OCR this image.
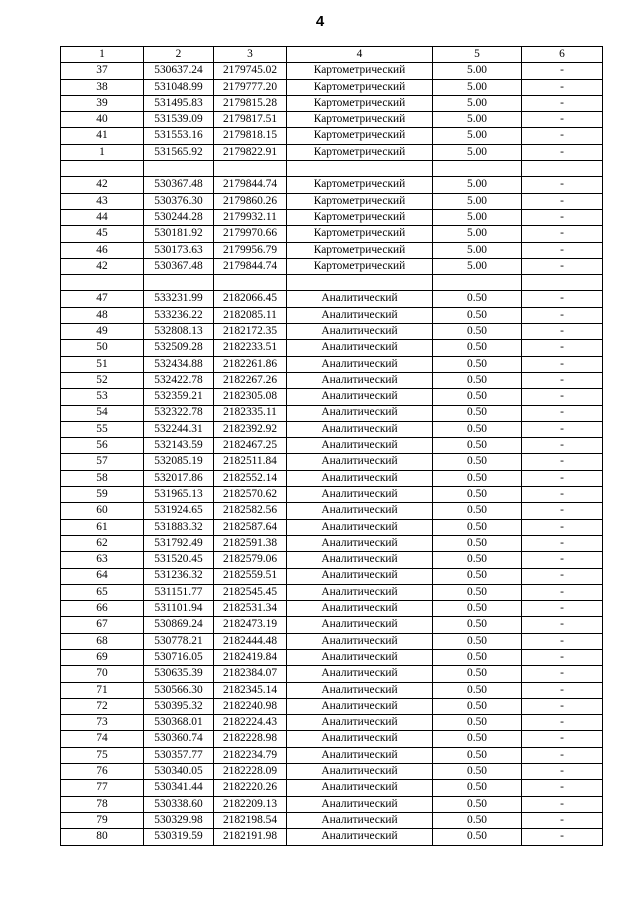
4
1	2	3	4	5	6
37	530637.24	2179745.02	Картометрический	5.00	-
38	531048.99	2179777.20	Картометрический	5.00	-
39	531495.83	2179815.28	Картометрический	5.00	-
40	531539.09	2179817.51	Картометрический	5.00	-
41	531553.16	2179818.15	Картометрический	5.00	-
1	531565.92	2179822.91	Картометрический	5.00	-

42	530367.48	2179844.74	Картометрический	5.00	-
43	530376.30	2179860.26	Картометрический	5.00	-
44	530244.28	2179932.11	Картометрический	5.00	-
45	530181.92	2179970.66	Картометрический	5.00	-
46	530173.63	2179956.79	Картометрический	5.00	-
42	530367.48	2179844.74	Картометрический	5.00	-

47	533231.99	2182066.45	Аналитический	0.50	-
48	533236.22	2182085.11	Аналитический	0.50	-
49	532808.13	2182172.35	Аналитический	0.50	-
50	532509.28	2182233.51	Аналитический	0.50	-
51	532434.88	2182261.86	Аналитический	0.50	-
52	532422.78	2182267.26	Аналитический	0.50	-
53	532359.21	2182305.08	Аналитический	0.50	-
54	532322.78	2182335.11	Аналитический	0.50	-
55	532244.31	2182392.92	Аналитический	0.50	-
56	532143.59	2182467.25	Аналитический	0.50	-
57	532085.19	2182511.84	Аналитический	0.50	-
58	532017.86	2182552.14	Аналитический	0.50	-
59	531965.13	2182570.62	Аналитический	0.50	-
60	531924.65	2182582.56	Аналитический	0.50	-
61	531883.32	2182587.64	Аналитический	0.50	-
62	531792.49	2182591.38	Аналитический	0.50	-
63	531520.45	2182579.06	Аналитический	0.50	-
64	531236.32	2182559.51	Аналитический	0.50	-
65	531151.77	2182545.45	Аналитический	0.50	-
66	531101.94	2182531.34	Аналитический	0.50	-
67	530869.24	2182473.19	Аналитический	0.50	-
68	530778.21	2182444.48	Аналитический	0.50	-
69	530716.05	2182419.84	Аналитический	0.50	-
70	530635.39	2182384.07	Аналитический	0.50	-
71	530566.30	2182345.14	Аналитический	0.50	-
72	530395.32	2182240.98	Аналитический	0.50	-
73	530368.01	2182224.43	Аналитический	0.50	-
74	530360.74	2182228.98	Аналитический	0.50	-
75	530357.77	2182234.79	Аналитический	0.50	-
76	530340.05	2182228.09	Аналитический	0.50	-
77	530341.44	2182220.26	Аналитический	0.50	-
78	530338.60	2182209.13	Аналитический	0.50	-
79	530329.98	2182198.54	Аналитический	0.50	-
80	530319.59	2182191.98	Аналитический	0.50	-
